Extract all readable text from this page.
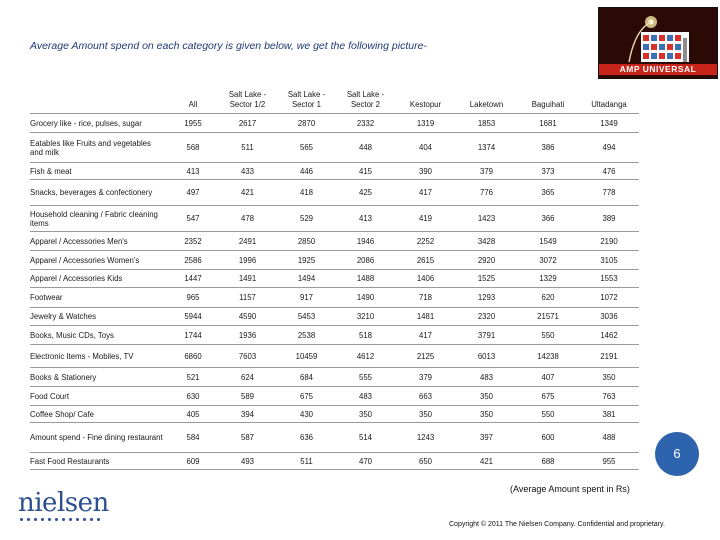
Average Amount spend on each category is given below, we get the following picture-
AMP UNIVERSAL
	All	Salt Lake - Sector 1/2	Salt Lake - Sector 1	Salt Lake - Sector 2	Kestopur	Laketown	Baguihati	Ultadanga
Grocery like - rice, pulses, sugar	1955	2617	2870	2332	1319	1853	1681	1349
Eatables like Fruits and vegetables and milk	568	511	565	448	404	1374	386	494
Fish & meat	413	433	446	415	390	379	373	476
Snacks, beverages & confectionery	497	421	418	425	417	776	365	778
Household cleaning / Fabric cleaning items	547	478	529	413	419	1423	366	389
Apparel / Accessories Men's	2352	2491	2850	1946	2252	3428	1549	2190
Apparel / Accessories Women's	2586	1996	1925	2086	2615	2920	3072	3105
Apparel / Accessories Kids	1447	1491	1494	1488	1406	1525	1329	1553
Footwear	965	1157	917	1490	718	1293	620	1072
Jewelry & Watches	5944	4590	5453	3210	1481	2320	21571	3036
Books, Music CDs, Toys	1744	1936	2538	518	417	3791	550	1462
Electronic Items - Mobiles, TV	6860	7603	10459	4612	2125	6013	14238	2191
Books & Stationery	521	624	684	555	379	483	407	350
Food Court	630	589	675	483	663	350	675	763
Coffee Shop/ Cafe	405	394	430	350	350	350	550	381
Amount spend - Fine dining restaurant	584	587	636	514	1243	397	600	488
Fast Food Restaurants	609	493	511	470	650	421	688	955	6
(Average Amount spent in Rs)
nielsen
Copyright © 2011 The Nielsen Company. Confidential and proprietary.
